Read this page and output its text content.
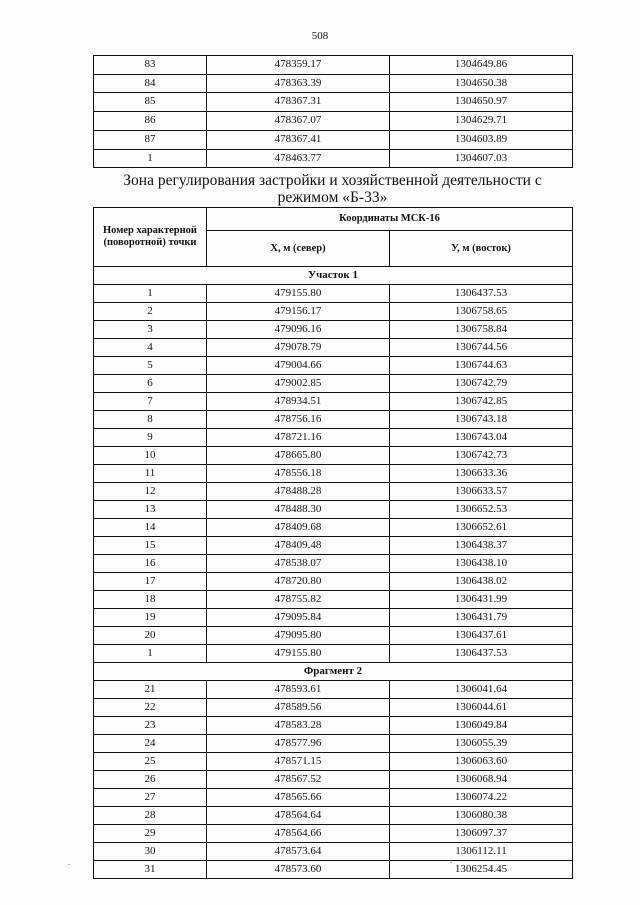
508
83	478359.17	1304649.86
84	478363.39	1304650.38
85	478367.31	1304650.97
86	478367.07	1304629.71
87	478367.41	1304603.89
1	478463.77	1304607.03
Зона регулирования застройки и хозяйственной деятельности с
режимом «Б-33»
Номер характерной (поворотной) точки	Координаты МСК-16	
	X, м (север)	У, м (восток)
Участок 1		
1	479155.80	1306437.53
2	479156.17	1306758.65
3	479096.16	1306758.84
4	479078.79	1306744.56
5	479004.66	1306744.63
6	479002.85	1306742.79
7	478934.51	1306742.85
8	478756.16	1306743.18
9	478721.16	1306743.04
10	478665.80	1306742.73
11	478556.18	1306633.36
12	478488.28	1306633.57
13	478488.30	1306652.53
14	478409.68	1306652.61
15	478409.48	1306438.37
16	478538.07	1306438.10
17	478720.80	1306438.02
18	478755.82	1306431.99
19	479095.84	1306431.79
20	479095.80	1306437.61
1	479155.80	1306437.53
Фрагмент 2		
21	478593.61	1306041.64
22	478589.56	1306044.61
23	478583.28	1306049.84
24	478577.96	1306055.39
25	478571.15	1306063.60
26	478567.52	1306068.94
27	478565.66	1306074.22
28	478564.64	1306080.38
29	478564.66	1306097.37
30	478573.64	1306112.11
31	478573.60	1306254.45
.	.
